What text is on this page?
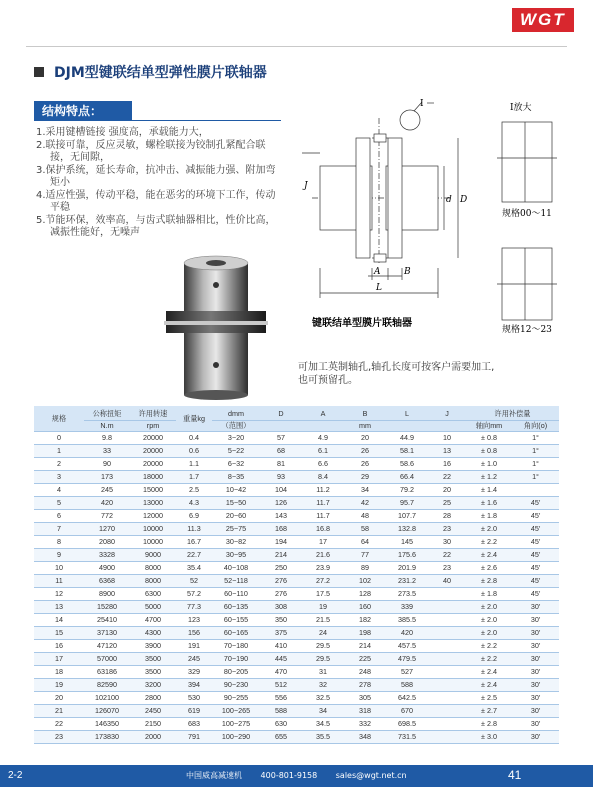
WGT
DJM型键联结单型弹性膜片联轴器
结构特点：
1.采用键槽链接 强度高，承载能力大，
2.联接可靠，反应灵敏，螺栓联接为铰制孔紧配合联接，无间隙，
3.保护系统，延长寿命，抗冲击、减振能力强、附加弯矩小
4.适应性强，传动平稳，能在恶劣的环境下工作，传动平稳
5.节能环保，效率高，与齿式联轴器相比，性价比高，减振性能好，无噪声
I	I放大
J
d D
A	B
L
键联结单型膜片联轴器
规格00～11
规格12～23
可加工英制轴孔,轴孔长度可按客户需要加工,也可预留孔。
规格	公称扭矩	许用转速	重量kg	dmm	D	A	B	L	J	许用补偿量	
	N.m	rpm		（范围）		mm				轴向mm	角向(o)
0	9.8	20000	0.4	3−20	57	4.9	20	44.9	10	± 0.8	1°
1	33	20000	0.6	5−22	68	6.1	26	58.1	13	± 0.8	1°
2	90	20000	1.1	6−32	81	6.6	26	58.6	16	± 1.0	1°
3	173	18000	1.7	8−35	93	8.4	29	66.4	22	± 1.2	1°
4	245	15000	2.5	10−42	104	11.2	34	79.2	20	± 1.4	
5	420	13000	4.3	15−50	126	11.7	42	95.7	25	± 1.6	45′
6	772	12000	6.9	20−60	143	11.7	48	107.7	28	± 1.8	45′
7	1270	10000	11.3	25−75	168	16.8	58	132.8	23	± 2.0	45′
8	2080	10000	16.7	30−82	194	17	64	145	30	± 2.2	45′
9	3328	9000	22.7	30−95	214	21.6	77	175.6	22	± 2.4	45′
10	4900	8000	35.4	40−108	250	23.9	89	201.9	23	± 2.6	45′
11	6368	8000	52	52−118	276	27.2	102	231.2	40	± 2.8	45′
12	8900	6300	57.2	60−110	276	17.5	128	273.5		± 1.8	45′
13	15280	5000	77.3	60−135	308	19	160	339		± 2.0	30′
14	25410	4700	123	60−155	350	21.5	182	385.5		± 2.0	30′
15	37130	4300	156	60−165	375	24	198	420		± 2.0	30′
16	47120	3900	191	70−180	410	29.5	214	457.5		± 2.2	30′
17	57000	3500	245	70−190	445	29.5	225	479.5		± 2.2	30′
18	63186	3500	329	80−205	470	31	248	527		± 2.4	30′
19	82590	3200	394	90−230	512	32	278	588		± 2.4	30′
20	102100	2800	530	90−255	556	32.5	305	642.5		± 2.5	30′
21	126070	2450	619	100−265	588	34	318	670		± 2.7	30′
22	146350	2150	683	100−275	630	34.5	332	698.5		± 2.8	30′
23	173830	2000	791	100−290	655	35.5	348	731.5		± 3.0	30′
2-2	中国威高减速机 400-801-9158 sales@wgt.net.cn	41
